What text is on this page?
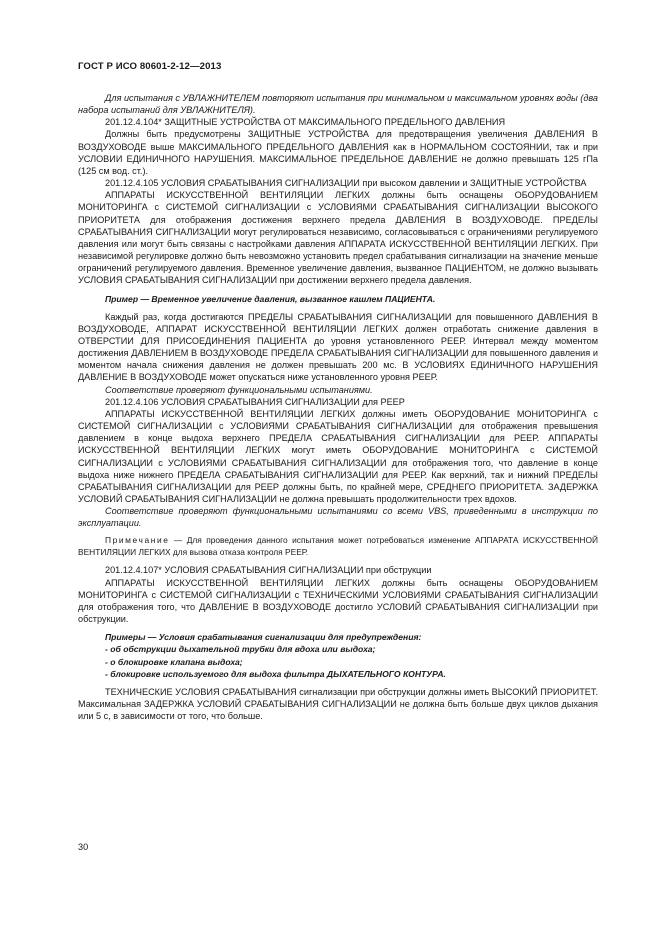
ГОСТ Р ИСО 80601-2-12—2013

Для испытания с УВЛАЖНИТЕЛЕМ повторяют испытания при минимальном и максимальном уровнях воды (два набора испытаний для УВЛАЖНИТЕЛЯ).

201.12.4.104* ЗАЩИТНЫЕ УСТРОЙСТВА ОТ МАКСИМАЛЬНОГО ПРЕДЕЛЬНОГО ДАВЛЕНИЯ

Должны быть предусмотрены ЗАЩИТНЫЕ УСТРОЙСТВА для предотвращения увеличения ДАВЛЕНИЯ В ВОЗДУХОВОДЕ выше МАКСИМАЛЬНОГО ПРЕДЕЛЬНОГО ДАВЛЕНИЯ как в НОРМАЛЬНОМ СОСТОЯНИИ, так и при УСЛОВИИ ЕДИНИЧНОГО НАРУШЕНИЯ. МАКСИМАЛЬНОЕ ПРЕДЕЛЬНОЕ ДАВЛЕНИЕ не должно превышать 125 гПа (125 см вод. ст.).

201.12.4.105 УСЛОВИЯ СРАБАТЫВАНИЯ СИГНАЛИЗАЦИИ при высоком давлении и ЗАЩИТНЫЕ УСТРОЙСТВА

АППАРАТЫ ИСКУССТВЕННОЙ ВЕНТИЛЯЦИИ ЛЕГКИХ должны быть оснащены ОБОРУДОВАНИЕМ МОНИТОРИНГА с СИСТЕМОЙ СИГНАЛИЗАЦИИ с УСЛОВИЯМИ СРАБАТЫВАНИЯ СИГНАЛИЗАЦИИ ВЫСОКОГО ПРИОРИТЕТА для отображения достижения верхнего предела ДАВЛЕНИЯ В ВОЗДУХОВОДЕ. ПРЕДЕЛЫ СРАБАТЫВАНИЯ СИГНАЛИЗАЦИИ могут регулироваться независимо, согласовываться с ограничениями регулируемого давления или могут быть связаны с настройками давления АППАРАТА ИСКУССТВЕННОЙ ВЕНТИЛЯЦИИ ЛЕГКИХ. При независимой регулировке должно быть невозможно установить предел срабатывания сигнализации на значение меньше ограничений регулируемого давления. Временное увеличение давления, вызванное ПАЦИЕНТОМ, не должно вызывать УСЛОВИЯ СРАБАТЫВАНИЯ СИГНАЛИЗАЦИИ при достижении верхнего предела давления.

Пример — Временное увеличение давления, вызванное кашлем ПАЦИЕНТА.

Каждый раз, когда достигаются ПРЕДЕЛЫ СРАБАТЫВАНИЯ СИГНАЛИЗАЦИИ для повышенного ДАВЛЕНИЯ В ВОЗДУХОВОДЕ, АППАРАТ ИСКУССТВЕННОЙ ВЕНТИЛЯЦИИ ЛЕГКИХ должен отработать снижение давления в ОТВЕРСТИИ ДЛЯ ПРИСОЕДИНЕНИЯ ПАЦИЕНТА до уровня установленного РЕЕР. Интервал между моментом достижения ДАВЛЕНИЕМ В ВОЗДУХОВОДЕ ПРЕДЕЛА СРАБАТЫВАНИЯ СИГНАЛИЗАЦИИ для повышенного давления и моментом начала снижения давления не должен превышать 200 мс. В УСЛОВИЯХ ЕДИНИЧНОГО НАРУШЕНИЯ ДАВЛЕНИЕ В ВОЗДУХОВОДЕ может опускаться ниже установленного уровня РЕЕР.

Соответствие проверяют функциональными испытаниями.

201.12.4.106 УСЛОВИЯ СРАБАТЫВАНИЯ СИГНАЛИЗАЦИИ для РЕЕР

АППАРАТЫ ИСКУССТВЕННОЙ ВЕНТИЛЯЦИИ ЛЕГКИХ должны иметь ОБОРУДОВАНИЕ МОНИТОРИНГА с СИСТЕМОЙ СИГНАЛИЗАЦИИ с УСЛОВИЯМИ СРАБАТЫВАНИЯ СИГНАЛИЗАЦИИ для отображения превышения давлением в конце выдоха верхнего ПРЕДЕЛА СРАБАТЫВАНИЯ СИГНАЛИЗАЦИИ для РЕЕР. АППАРАТЫ ИСКУССТВЕННОЙ ВЕНТИЛЯЦИИ ЛЕГКИХ могут иметь ОБОРУДОВАНИЕ МОНИТОРИНГА с СИСТЕМОЙ СИГНАЛИЗАЦИИ с УСЛОВИЯМИ СРАБАТЫВАНИЯ СИГНАЛИЗАЦИИ для отображения того, что давление в конце выдоха ниже нижнего ПРЕДЕЛА СРАБАТЫВАНИЯ СИГНАЛИЗАЦИИ для РЕЕР. Как верхний, так и нижний ПРЕДЕЛЫ СРАБАТЫВАНИЯ СИГНАЛИЗАЦИИ для РЕЕР должны быть, по крайней мере, СРЕДНЕГО ПРИОРИТЕТА. ЗАДЕРЖКА УСЛОВИЙ СРАБАТЫВАНИЯ СИГНАЛИЗАЦИИ не должна превышать продолжительности трех вдохов.

Соответствие проверяют функциональными испытаниями со всеми VBS, приведенными в инструкции по эксплуатации.

Примечание — Для проведения данного испытания может потребоваться изменение АППАРАТА ИСКУССТВЕННОЙ ВЕНТИЛЯЦИИ ЛЕГКИХ для вызова отказа контроля РЕЕР.

201.12.4.107* УСЛОВИЯ СРАБАТЫВАНИЯ СИГНАЛИЗАЦИИ при обструкции

АППАРАТЫ ИСКУССТВЕННОЙ ВЕНТИЛЯЦИИ ЛЕГКИХ должны быть оснащены ОБОРУДОВАНИЕМ МОНИТОРИНГА с СИСТЕМОЙ СИГНАЛИЗАЦИИ с ТЕХНИЧЕСКИМИ УСЛОВИЯМИ СРАБАТЫВАНИЯ СИГНАЛИЗАЦИИ для отображения того, что ДАВЛЕНИЕ В ВОЗДУХОВОДЕ достигло УСЛОВИЙ СРАБАТЫВАНИЯ СИГНАЛИЗАЦИИ при обструкции.

Примеры — Условия срабатывания сигнализации для предупреждения:

- об обструкции дыхательной трубки для вдоха или выдоха;

- о блокировке клапана выдоха;

- блокировке используемого для выдоха фильтра ДЫХАТЕЛЬНОГО КОНТУРА.

ТЕХНИЧЕСКИЕ УСЛОВИЯ СРАБАТЫВАНИЯ сигнализации при обструкции должны иметь ВЫСОКИЙ ПРИОРИТЕТ. Максимальная ЗАДЕРЖКА УСЛОВИЙ СРАБАТЫВАНИЯ СИГНАЛИЗАЦИИ не должна быть больше двух циклов дыхания или 5 с, в зависимости от того, что больше.

30
